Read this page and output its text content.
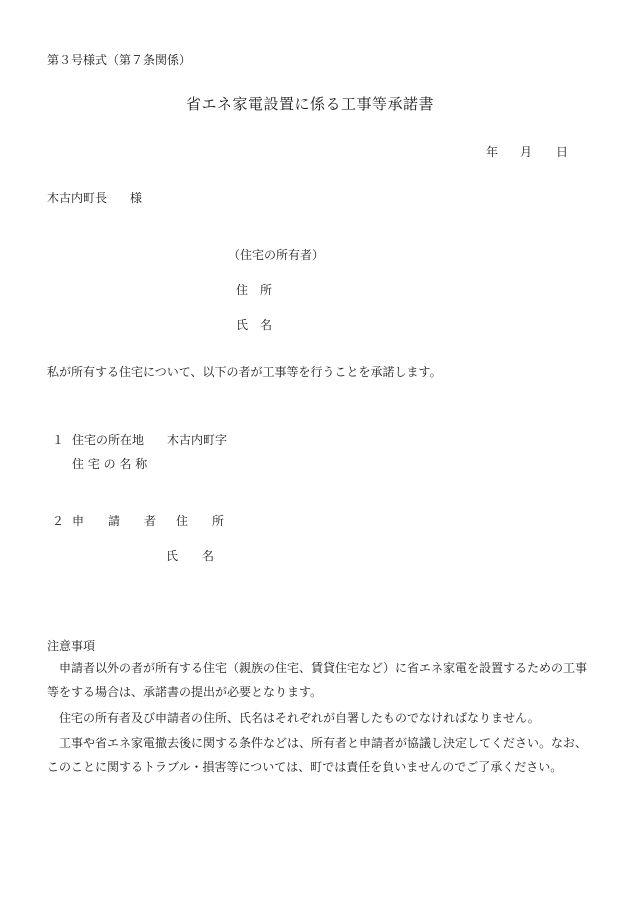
第３号様式（第７条関係）
省エネ家電設置に係る工事等承諾書
年 月 日
木古内町長 様
（住宅の所有者）
住　所
氏　名
私が所有する住宅について、以下の者が工事等を行うことを承諾します。
１ 住宅の所在地 木古内町字
住 宅 の 名 称
２ 申　　請　　者 住　　所
氏　　名
注意事項
申請者以外の者が所有する住宅（親族の住宅、賃貸住宅など）に省エネ家電を設置するための工事等をする場合は、承諾書の提出が必要となります。
住宅の所有者及び申請者の住所、氏名はそれぞれが自署したものでなければなりません。
工事や省エネ家電撤去後に関する条件などは、所有者と申請者が協議し決定してください。なお、このことに関するトラブル・損害等については、町では責任を負いませんのでご了承ください。
